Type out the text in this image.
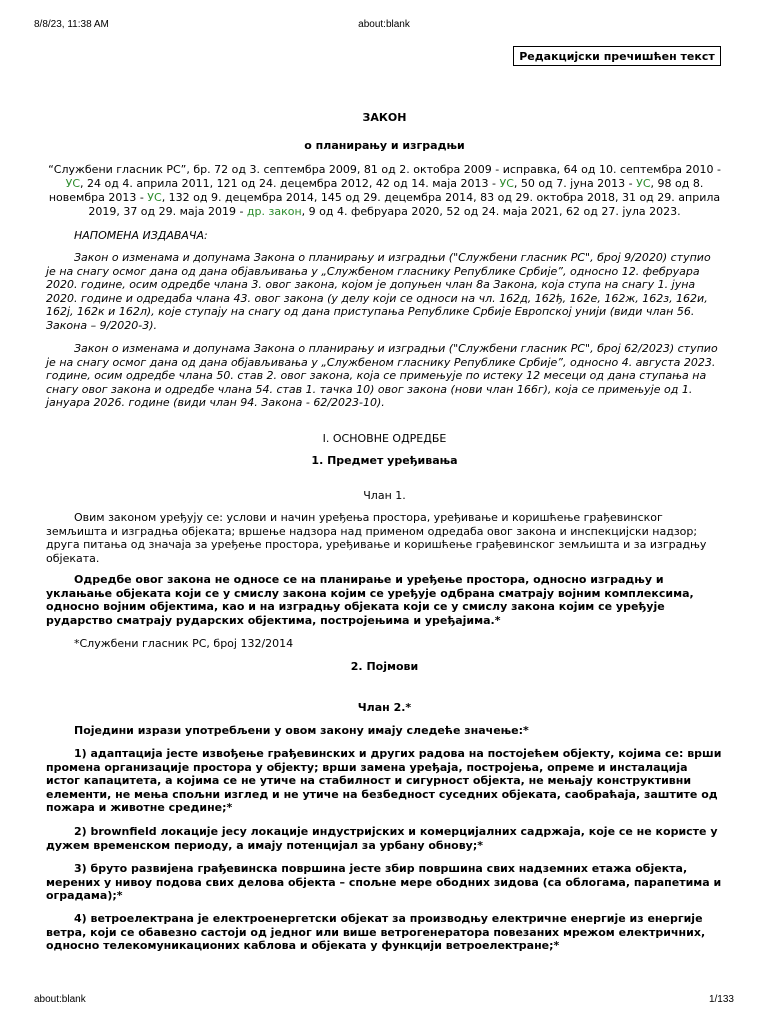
8/8/23, 11:38 AM	about:blank
Редакцијски пречишћен текст
ЗАКОН
о планирању и изградњи
“Службени гласник РС”, бр. 72 од 3. септембра 2009, 81 од 2. октобра 2009 - исправка, 64 од 10. септембра 2010 - УС, 24 од 4. априла 2011, 121 од 24. децембра 2012, 42 од 14. маја 2013 - УС, 50 од 7. јуна 2013 - УС, 98 од 8. новембра 2013 - УС, 132 од 9. децембра 2014, 145 од 29. децембра 2014, 83 од 29. октобра 2018, 31 од 29. априла 2019, 37 од 29. маја 2019 - др. закон, 9 од 4. фебруара 2020, 52 од 24. маја 2021, 62 од 27. јула 2023.
НАПОМЕНА ИЗДАВАЧА:
Закон о изменама и допунама Закона о планирању и изградњи ("Службени гласник РС", број 9/2020) ступио је на снагу осмог дана од дана објављивања у „Службеном гласнику Републике Србије”, односно 12. фебруара 2020. године, осим одредбе члана 3. овог закона, којом је допуњен члан 8а Закона, која ступа на снагу 1. јуна 2020. године и одредаба члана 43. овог закона (у делу који се односи на чл. 162д, 162ђ, 162е, 162ж, 162з, 162и, 162ј, 162к и 162л), које ступају на снагу од дана приступања Републике Србије Европској унији (види члан 56. Закона – 9/2020-3).
Закон о изменама и допунама Закона о планирању и изградњи ("Службени гласник РС", број 62/2023) ступио је на снагу осмог дана од дана објављивања у „Службеном гласнику Републике Србије”, односно 4. августа 2023. године, осим одредбе члана 50. став 2. овог закона, која се примењује по истеку 12 месеци од дана ступања на снагу овог закона и одредбе члана 54. став 1. тачка 10) овог закона (нови члан 166г), која се примењује од 1. јануара 2026. године (види члан 94. Закона - 62/2023-10).
I. ОСНОВНЕ ОДРЕДБЕ
1. Предмет уређивања
Члан 1.
Овим законом уређују се: услови и начин уређења простора, уређивање и коришћење грађевинског земљишта и изградња објеката; вршење надзора над применом одредаба овог закона и инспекцијски надзор; друга питања од значаја за уређење простора, уређивање и коришћење грађевинског земљишта и за изградњу објеката.
Одредбе овог закона не односе се на планирање и уређење простора, односно изградњу и уклањање објеката који се у смислу закона којим се уређује одбрана сматрају војним комплексима, односно војним објектима, као и на изградњу објеката који се у смислу закона којим се уређује рударство сматрају рударских објектима, постројењима и уређајима.*
*Службени гласник РС, број 132/2014
2. Појмови
Члан 2.*
Поједини изрази употребљени у овом закону имају следеће значење:*
1) адаптација јесте извођење грађевинских и других радова на постојећем објекту, којима се: врши промена организације простора у објекту; врши замена уређаја, постројења, опреме и инсталација истог капацитета, а којима се не утиче на стабилност и сигурност објекта, не мењају конструктивни елементи, не мења спољни изглед и не утиче на безбедност суседних објеката, саобраћаја, заштите од пожара и животне средине;*
2) brownfield локације јесу локације индустријских и комерцијалних садржаја, које се не користе у дужем временском периоду, а имају потенцијал за урбану обнову;*
3) бруто развијена грађевинска површина јесте збир површина свих надземних етажа објекта, мерених у нивоу подова свих делова објекта – спољне мере ободних зидова (са облогама, парапетима и оградама);*
4) ветроелектрана је електроенергетски објекат за производњу електричне енергије из енергије ветра, који се обавезно састоји од једног или више ветрогенератора повезаних мрежом електричних, односно телекомуникационих каблова и објеката у функцији ветроелектране;*
about:blank	1/133
